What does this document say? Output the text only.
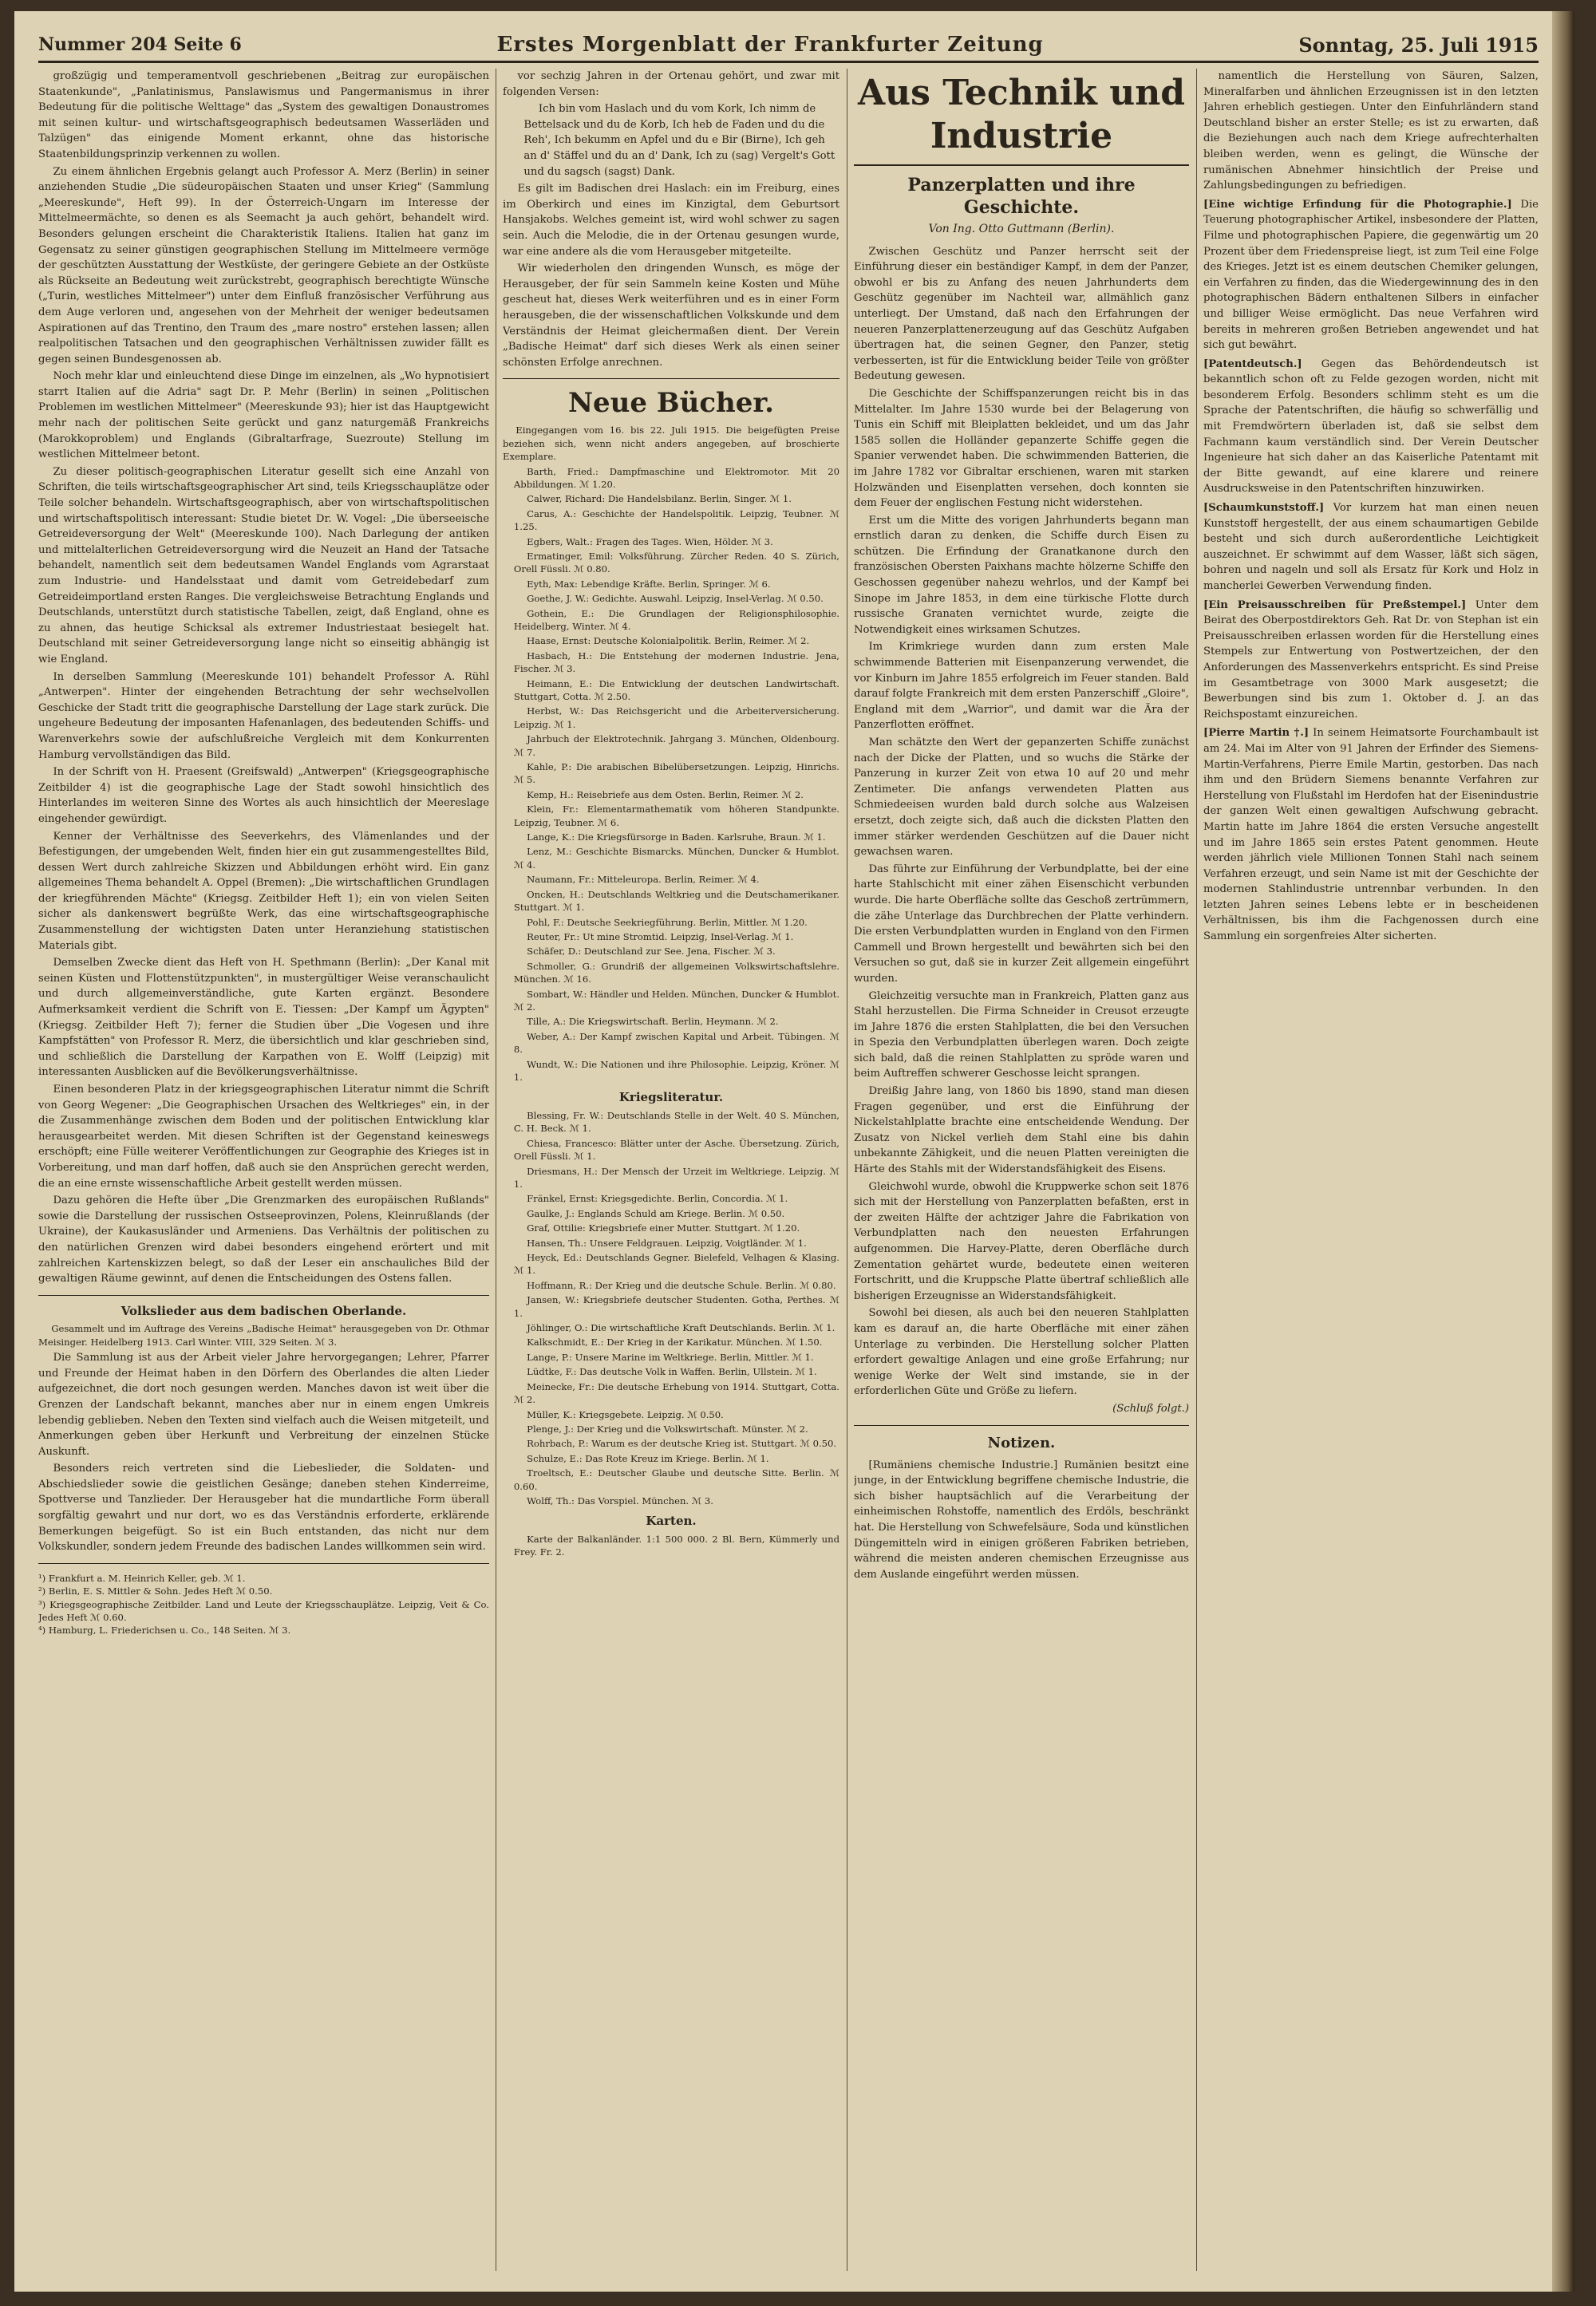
Nummer 204 Seite 6	Erstes Morgenblatt der Frankfurter Zeitung	Sonntag, 25. Juli 1915

großzügig und temperamentvoll geschriebenen „Beitrag zur europäischen Staatenkunde", „Panlatinismus, Panslawismus und Pangermanismus in ihrer Bedeutung für die politische Welttage" das „System des gewaltigen Donaustromes mit seinen kultur- und wirtschaftsgeographisch bedeutsamen Wasserläden und Talzügen" das einigende Moment erkannt, ohne das historische Staatenbildungsprinzip verkennen zu wollen.

Zu einem ähnlichen Ergebnis gelangt auch Professor A. Merz (Berlin) in seiner anziehenden Studie „Die südeuropäischen Staaten und unser Krieg" (Sammlung „Meereskunde", Heft 99). In der Österreich-Ungarn im Interesse der Mittelmeermächte, so denen es als Seemacht ja auch gehört, behandelt wird. Besonders gelungen erscheint die Charakteristik Italiens. Italien hat ganz im Gegensatz zu seiner günstigen geographischen Stellung im Mittelmeere vermöge der geschützten Ausstattung der Westküste, der geringere Gebiete an der Ostküste als Rückseite an Bedeutung weit zurückstrebt, geographisch berechtigte Wünsche („Turin, westliches Mittelmeer") unter dem Einfluß französischer Verführung aus dem Auge verloren und, angesehen von der Mehrheit der weniger bedeutsamen Aspirationen auf das Trentino, den Traum des „mare nostro" erstehen lassen; allen realpolitischen Tatsachen und den geographischen Verhältnissen zuwider fällt es gegen seinen Bundesgenossen ab.

Noch mehr klar und einleuchtend diese Dinge im einzelnen, als „Wo hypnotisiert starrt Italien auf die Adria" sagt Dr. P. Mehr (Berlin) in seinen „Politischen Problemen im westlichen Mittelmeer" (Meereskunde 93); hier ist das Hauptgewicht mehr nach der politischen Seite gerückt und ganz naturgemäß Frankreichs (Marokkoproblem) und Englands (Gibraltarfrage, Suezroute) Stellung im westlichen Mittelmeer betont.

Zu dieser politisch-geographischen Literatur gesellt sich eine Anzahl von Schriften, die teils wirtschaftsgeographischer Art sind, teils Kriegsschauplätze oder Teile solcher behandeln. Wirtschaftsgeographisch, aber von wirtschaftspolitischen und wirtschaftspolitisch interessant: Studie bietet Dr. W. Vogel: „Die überseeische Getreideversorgung der Welt" (Meereskunde 100). Nach Darlegung der antiken und mittelalterlichen Getreideversorgung wird die Neuzeit an Hand der Tatsache behandelt, namentlich seit dem bedeutsamen Wandel Englands vom Agrarstaat zum Industrie- und Handelsstaat und damit vom Getreidebedarf zum Getreideimportland ersten Ranges. Die vergleichsweise Betrachtung Englands und Deutschlands, unterstützt durch statistische Tabellen, zeigt, daß England, ohne es zu ahnen, das heutige Schicksal als extremer Industriestaat besiegelt hat. Deutschland mit seiner Getreideversorgung lange nicht so einseitig abhängig ist wie England.

In derselben Sammlung (Meereskunde 101) behandelt Professor A. Rühl „Antwerpen". Hinter der eingehenden Betrachtung der sehr wechselvollen Geschicke der Stadt tritt die geographische Darstellung der Lage stark zurück. Die ungeheure Bedeutung der imposanten Hafenanlagen, des bedeutenden Schiffs- und Warenverkehrs sowie der aufschlußreiche Vergleich mit dem Konkurrenten Hamburg vervollständigen das Bild.

In der Schrift von H. Praesent (Greifswald) „Antwerpen" (Kriegsgeographische Zeitbilder 4) ist die geographische Lage der Stadt sowohl hinsichtlich des Hinterlandes im weiteren Sinne des Wortes als auch hinsichtlich der Meereslage eingehender gewürdigt.

Kenner der Verhältnisse des Seeverkehrs, des Vlämenlandes und der Befestigungen, der umgebenden Welt, finden hier ein gut zusammengestelltes Bild, dessen Wert durch zahlreiche Skizzen und Abbildungen erhöht wird. Ein ganz allgemeines Thema behandelt A. Oppel (Bremen): „Die wirtschaftlichen Grundlagen der kriegführenden Mächte" (Kriegsg. Zeitbilder Heft 1); ein von vielen Seiten sicher als dankenswert begrüßte Werk, das eine wirtschaftsgeographische Zusammenstellung der wichtigsten Daten unter Heranziehung statistischen Materials gibt.

Demselben Zwecke dient das Heft von H. Spethmann (Berlin): „Der Kanal mit seinen Küsten und Flottenstützpunkten", in mustergültiger Weise veranschaulicht und durch allgemeinverständliche, gute Karten ergänzt. Besondere Aufmerksamkeit verdient die Schrift von E. Tiessen: „Der Kampf um Ägypten" (Kriegsg. Zeitbilder Heft 7); ferner die Studien über „Die Vogesen und ihre Kampfstätten" von Professor R. Merz, die übersichtlich und klar geschrieben sind, und schließlich die Darstellung der Karpathen von E. Wolff (Leipzig) mit interessanten Ausblicken auf die Bevölkerungsverhältnisse.

Einen besonderen Platz in der kriegsgeographischen Literatur nimmt die Schrift von Georg Wegener: „Die Geographischen Ursachen des Weltkrieges" ein, in der die Zusammenhänge zwischen dem Boden und der politischen Entwicklung klar herausgearbeitet werden. Mit diesen Schriften ist der Gegenstand keineswegs erschöpft; eine Fülle weiterer Veröffentlichungen zur Geographie des Krieges ist in Vorbereitung, und man darf hoffen, daß auch sie den Ansprüchen gerecht werden, die an eine ernste wissenschaftliche Arbeit gestellt werden müssen.

Dazu gehören die Hefte über „Die Grenzmarken des europäischen Rußlands" sowie die Darstellung der russischen Ostseeprovinzen, Polens, Kleinrußlands (der Ukraine), der Kaukasusländer und Armeniens. Das Verhältnis der politischen zu den natürlichen Grenzen wird dabei besonders eingehend erörtert und mit zahlreichen Kartenskizzen belegt, so daß der Leser ein anschauliches Bild der gewaltigen Räume gewinnt, auf denen die Entscheidungen des Ostens fallen.

Volkslieder aus dem badischen Oberlande.

Gesammelt und im Auftrage des Vereins „Badische Heimat" herausgegeben von Dr. Othmar Meisinger. Heidelberg 1913. Carl Winter. VIII, 329 Seiten. ℳ 3.

Die Sammlung ist aus der Arbeit vieler Jahre hervorgegangen; Lehrer, Pfarrer und Freunde der Heimat haben in den Dörfern des Oberlandes die alten Lieder aufgezeichnet, die dort noch gesungen werden. Manches davon ist weit über die Grenzen der Landschaft bekannt, manches aber nur in einem engen Umkreis lebendig geblieben. Neben den Texten sind vielfach auch die Weisen mitgeteilt, und Anmerkungen geben über Herkunft und Verbreitung der einzelnen Stücke Auskunft.

Besonders reich vertreten sind die Liebeslieder, die Soldaten- und Abschiedslieder sowie die geistlichen Gesänge; daneben stehen Kinderreime, Spottverse und Tanzlieder. Der Herausgeber hat die mundartliche Form überall sorgfältig gewahrt und nur dort, wo es das Verständnis erforderte, erklärende Bemerkungen beigefügt. So ist ein Buch entstanden, das nicht nur dem Volkskundler, sondern jedem Freunde des badischen Landes willkommen sein wird.

¹) Frankfurt a. M. Heinrich Keller, geb. ℳ 1.
²) Berlin, E. S. Mittler & Sohn. Jedes Heft ℳ 0.50.
³) Kriegsgeographische Zeitbilder. Land und Leute der Kriegsschauplätze. Leipzig, Veit & Co. Jedes Heft ℳ 0.60.
⁴) Hamburg, L. Friederichsen u. Co., 148 Seiten. ℳ 3.

vor sechzig Jahren in der Ortenau gehört, und zwar mit folgenden Versen:

Ich bin vom Haslach und du vom Kork, Ich nimm de Bettelsack und du de Korb, Ich heb de Faden und du die Reh', Ich bekumm en Apfel und du e Bir (Birne), Ich geh an d' Stäffel und du an d' Dank, Ich zu (sag) Vergelt's Gott und du sagsch (sagst) Dank.

Es gilt im Badischen drei Haslach: ein im Freiburg, eines im Oberkirch und eines im Kinzigtal, dem Geburtsort Hansjakobs. Welches gemeint ist, wird wohl schwer zu sagen sein. Auch die Melodie, die in der Ortenau gesungen wurde, war eine andere als die vom Herausgeber mitgeteilte.

Wir wiederholen den dringenden Wunsch, es möge der Herausgeber, der für sein Sammeln keine Kosten und Mühe gescheut hat, dieses Werk weiterführen und es in einer Form herausgeben, die der wissenschaftlichen Volkskunde und dem Verständnis der Heimat gleichermaßen dient. Der Verein „Badische Heimat" darf sich dieses Werk als einen seiner schönsten Erfolge anrechnen.

Neue Bücher.

Eingegangen vom 16. bis 22. Juli 1915. Die beigefügten Preise beziehen sich, wenn nicht anders angegeben, auf broschierte Exemplare.

Barth, Fried.: Dampfmaschine und Elektromotor. Mit 20 Abbildungen. ℳ 1.20.

Calwer, Richard: Die Handelsbilanz. Berlin, Singer. ℳ 1.

Carus, A.: Geschichte der Handelspolitik. Leipzig, Teubner. ℳ 1.25.

Egbers, Walt.: Fragen des Tages. Wien, Hölder. ℳ 3.

Ermatinger, Emil: Volksführung. Zürcher Reden. 40 S. Zürich, Orell Füssli. ℳ 0.80.

Eyth, Max: Lebendige Kräfte. Berlin, Springer. ℳ 6.

Goethe, J. W.: Gedichte. Auswahl. Leipzig, Insel-Verlag. ℳ 0.50.

Gothein, E.: Die Grundlagen der Religionsphilosophie. Heidelberg, Winter. ℳ 4.

Haase, Ernst: Deutsche Kolonialpolitik. Berlin, Reimer. ℳ 2.

Hasbach, H.: Die Entstehung der modernen Industrie. Jena, Fischer. ℳ 3.

Heimann, E.: Die Entwicklung der deutschen Landwirtschaft. Stuttgart, Cotta. ℳ 2.50.

Herbst, W.: Das Reichsgericht und die Arbeiterversicherung. Leipzig. ℳ 1.

Jahrbuch der Elektrotechnik. Jahrgang 3. München, Oldenbourg. ℳ 7.

Kahle, P.: Die arabischen Bibelübersetzungen. Leipzig, Hinrichs. ℳ 5.

Kemp, H.: Reisebriefe aus dem Osten. Berlin, Reimer. ℳ 2.

Klein, Fr.: Elementarmathematik vom höheren Standpunkte. Leipzig, Teubner. ℳ 6.

Lange, K.: Die Kriegsfürsorge in Baden. Karlsruhe, Braun. ℳ 1.

Lenz, M.: Geschichte Bismarcks. München, Duncker & Humblot. ℳ 4.

Naumann, Fr.: Mitteleuropa. Berlin, Reimer. ℳ 4.

Oncken, H.: Deutschlands Weltkrieg und die Deutschamerikaner. Stuttgart. ℳ 1.

Pohl, F.: Deutsche Seekriegführung. Berlin, Mittler. ℳ 1.20.

Reuter, Fr.: Ut mine Stromtid. Leipzig, Insel-Verlag. ℳ 1.

Schäfer, D.: Deutschland zur See. Jena, Fischer. ℳ 3.

Schmoller, G.: Grundriß der allgemeinen Volkswirtschaftslehre. München. ℳ 16.

Sombart, W.: Händler und Helden. München, Duncker & Humblot. ℳ 2.

Tille, A.: Die Kriegswirtschaft. Berlin, Heymann. ℳ 2.

Weber, A.: Der Kampf zwischen Kapital und Arbeit. Tübingen. ℳ 8.

Wundt, W.: Die Nationen und ihre Philosophie. Leipzig, Kröner. ℳ 1.

Kriegsliteratur.

Blessing, Fr. W.: Deutschlands Stelle in der Welt. 40 S. München, C. H. Beck. ℳ 1.

Chiesa, Francesco: Blätter unter der Asche. Übersetzung. Zürich, Orell Füssli. ℳ 1.

Driesmans, H.: Der Mensch der Urzeit im Weltkriege. Leipzig. ℳ 1.

Fränkel, Ernst: Kriegsgedichte. Berlin, Concordia. ℳ 1.

Gaulke, J.: Englands Schuld am Kriege. Berlin. ℳ 0.50.

Graf, Ottilie: Kriegsbriefe einer Mutter. Stuttgart. ℳ 1.20.

Hansen, Th.: Unsere Feldgrauen. Leipzig, Voigtländer. ℳ 1.

Heyck, Ed.: Deutschlands Gegner. Bielefeld, Velhagen & Klasing. ℳ 1.

Hoffmann, R.: Der Krieg und die deutsche Schule. Berlin. ℳ 0.80.

Jansen, W.: Kriegsbriefe deutscher Studenten. Gotha, Perthes. ℳ 1.

Jöhlinger, O.: Die wirtschaftliche Kraft Deutschlands. Berlin. ℳ 1.

Kalkschmidt, E.: Der Krieg in der Karikatur. München. ℳ 1.50.

Lange, P.: Unsere Marine im Weltkriege. Berlin, Mittler. ℳ 1.

Lüdtke, F.: Das deutsche Volk in Waffen. Berlin, Ullstein. ℳ 1.

Meinecke, Fr.: Die deutsche Erhebung von 1914. Stuttgart, Cotta. ℳ 2.

Müller, K.: Kriegsgebete. Leipzig. ℳ 0.50.

Plenge, J.: Der Krieg und die Volkswirtschaft. Münster. ℳ 2.

Rohrbach, P.: Warum es der deutsche Krieg ist. Stuttgart. ℳ 0.50.

Schulze, E.: Das Rote Kreuz im Kriege. Berlin. ℳ 1.

Troeltsch, E.: Deutscher Glaube und deutsche Sitte. Berlin. ℳ 0.60.

Wolff, Th.: Das Vorspiel. München. ℳ 3.

Karten.

Karte der Balkanländer. 1:1 500 000. 2 Bl. Bern, Kümmerly und Frey. Fr. 2.

Aus Technik und Industrie
Panzerplatten und ihre Geschichte.
Von Ing. Otto Guttmann (Berlin).

Zwischen Geschütz und Panzer herrscht seit der Einführung dieser ein beständiger Kampf, in dem der Panzer, obwohl er bis zu Anfang des neuen Jahrhunderts dem Geschütz gegenüber im Nachteil war, allmählich ganz unterliegt. Der Umstand, daß nach den Erfahrungen der neueren Panzerplattenerzeugung auf das Geschütz Aufgaben übertragen hat, die seinen Gegner, den Panzer, stetig verbesserten, ist für die Entwicklung beider Teile von größter Bedeutung gewesen.

Die Geschichte der Schiffspanzerungen reicht bis in das Mittelalter. Im Jahre 1530 wurde bei der Belagerung von Tunis ein Schiff mit Bleiplatten bekleidet, und um das Jahr 1585 sollen die Holländer gepanzerte Schiffe gegen die Spanier verwendet haben. Die schwimmenden Batterien, die im Jahre 1782 vor Gibraltar erschienen, waren mit starken Holzwänden und Eisenplatten versehen, doch konnten sie dem Feuer der englischen Festung nicht widerstehen.

Erst um die Mitte des vorigen Jahrhunderts begann man ernstlich daran zu denken, die Schiffe durch Eisen zu schützen. Die Erfindung der Granatkanone durch den französischen Obersten Paixhans machte hölzerne Schiffe den Geschossen gegenüber nahezu wehrlos, und der Kampf bei Sinope im Jahre 1853, in dem eine türkische Flotte durch russische Granaten vernichtet wurde, zeigte die Notwendigkeit eines wirksamen Schutzes.

Im Krimkriege wurden dann zum ersten Male schwimmende Batterien mit Eisenpanzerung verwendet, die vor Kinburn im Jahre 1855 erfolgreich im Feuer standen. Bald darauf folgte Frankreich mit dem ersten Panzerschiff „Gloire", England mit dem „Warrior", und damit war die Ära der Panzerflotten eröffnet.

Man schätzte den Wert der gepanzerten Schiffe zunächst nach der Dicke der Platten, und so wuchs die Stärke der Panzerung in kurzer Zeit von etwa 10 auf 20 und mehr Zentimeter. Die anfangs verwendeten Platten aus Schmiedeeisen wurden bald durch solche aus Walzeisen ersetzt, doch zeigte sich, daß auch die dicksten Platten den immer stärker werdenden Geschützen auf die Dauer nicht gewachsen waren.

Das führte zur Einführung der Verbundplatte, bei der eine harte Stahlschicht mit einer zähen Eisenschicht verbunden wurde. Die harte Oberfläche sollte das Geschoß zertrümmern, die zähe Unterlage das Durchbrechen der Platte verhindern. Die ersten Verbundplatten wurden in England von den Firmen Cammell und Brown hergestellt und bewährten sich bei den Versuchen so gut, daß sie in kurzer Zeit allgemein eingeführt wurden.

Gleichzeitig versuchte man in Frankreich, Platten ganz aus Stahl herzustellen. Die Firma Schneider in Creusot erzeugte im Jahre 1876 die ersten Stahlplatten, die bei den Versuchen in Spezia den Verbundplatten überlegen waren. Doch zeigte sich bald, daß die reinen Stahlplatten zu spröde waren und beim Auftreffen schwerer Geschosse leicht sprangen.

Dreißig Jahre lang, von 1860 bis 1890, stand man diesen Fragen gegenüber, und erst die Einführung der Nickelstahlplatte brachte eine entscheidende Wendung. Der Zusatz von Nickel verlieh dem Stahl eine bis dahin unbekannte Zähigkeit, und die neuen Platten vereinigten die Härte des Stahls mit der Widerstandsfähigkeit des Eisens.

Gleichwohl wurde, obwohl die Kruppwerke schon seit 1876 sich mit der Herstellung von Panzerplatten befaßten, erst in der zweiten Hälfte der achtziger Jahre die Fabrikation von Verbundplatten nach den neuesten Erfahrungen aufgenommen. Die Harvey-Platte, deren Oberfläche durch Zementation gehärtet wurde, bedeutete einen weiteren Fortschritt, und die Kruppsche Platte übertraf schließlich alle bisherigen Erzeugnisse an Widerstandsfähigkeit.

Sowohl bei diesen, als auch bei den neueren Stahlplatten kam es darauf an, die harte Oberfläche mit einer zähen Unterlage zu verbinden. Die Herstellung solcher Platten erfordert gewaltige Anlagen und eine große Erfahrung; nur wenige Werke der Welt sind imstande, sie in der erforderlichen Güte und Größe zu liefern.

(Schluß folgt.)
Notizen.

[Rumäniens chemische Industrie.] Rumänien besitzt eine junge, in der Entwicklung begriffene chemische Industrie, die sich bisher hauptsächlich auf die Verarbeitung der einheimischen Rohstoffe, namentlich des Erdöls, beschränkt hat. Die Herstellung von Schwefelsäure, Soda und künstlichen Düngemitteln wird in einigen größeren Fabriken betrieben, während die meisten anderen chemischen Erzeugnisse aus dem Auslande eingeführt werden müssen.

namentlich die Herstellung von Säuren, Salzen, Mineralfarben und ähnlichen Erzeugnissen ist in den letzten Jahren erheblich gestiegen. Unter den Einfuhrländern stand Deutschland bisher an erster Stelle; es ist zu erwarten, daß die Beziehungen auch nach dem Kriege aufrechterhalten bleiben werden, wenn es gelingt, die Wünsche der rumänischen Abnehmer hinsichtlich der Preise und Zahlungsbedingungen zu befriedigen.

[Eine wichtige Erfindung für die Photographie.] Die Teuerung photographischer Artikel, insbesondere der Platten, Filme und photographischen Papiere, die gegenwärtig um 20 Prozent über dem Friedenspreise liegt, ist zum Teil eine Folge des Krieges. Jetzt ist es einem deutschen Chemiker gelungen, ein Verfahren zu finden, das die Wiedergewinnung des in den photographischen Bädern enthaltenen Silbers in einfacher und billiger Weise ermöglicht. Das neue Verfahren wird bereits in mehreren großen Betrieben angewendet und hat sich gut bewährt.
[Patentdeutsch.] Gegen das Behördendeutsch ist bekanntlich schon oft zu Felde gezogen worden, nicht mit besonderem Erfolg. Besonders schlimm steht es um die Sprache der Patentschriften, die häufig so schwerfällig und mit Fremdwörtern überladen ist, daß sie selbst dem Fachmann kaum verständlich sind. Der Verein Deutscher Ingenieure hat sich daher an das Kaiserliche Patentamt mit der Bitte gewandt, auf eine klarere und reinere Ausdrucksweise in den Patentschriften hinzuwirken.
[Schaumkunststoff.] Vor kurzem hat man einen neuen Kunststoff hergestellt, der aus einem schaumartigen Gebilde besteht und sich durch außerordentliche Leichtigkeit auszeichnet. Er schwimmt auf dem Wasser, läßt sich sägen, bohren und nageln und soll als Ersatz für Kork und Holz in mancherlei Gewerben Verwendung finden.
[Ein Preisausschreiben für Preßstempel.] Unter dem Beirat des Oberpostdirektors Geh. Rat Dr. von Stephan ist ein Preisausschreiben erlassen worden für die Herstellung eines Stempels zur Entwertung von Postwertzeichen, der den Anforderungen des Massenverkehrs entspricht. Es sind Preise im Gesamtbetrage von 3000 Mark ausgesetzt; die Bewerbungen sind bis zum 1. Oktober d. J. an das Reichspostamt einzureichen.
[Pierre Martin †.] In seinem Heimatsorte Fourchambault ist am 24. Mai im Alter von 91 Jahren der Erfinder des Siemens-Martin-Verfahrens, Pierre Emile Martin, gestorben. Das nach ihm und den Brüdern Siemens benannte Verfahren zur Herstellung von Flußstahl im Herdofen hat der Eisenindustrie der ganzen Welt einen gewaltigen Aufschwung gebracht. Martin hatte im Jahre 1864 die ersten Versuche angestellt und im Jahre 1865 sein erstes Patent genommen. Heute werden jährlich viele Millionen Tonnen Stahl nach seinem Verfahren erzeugt, und sein Name ist mit der Geschichte der modernen Stahlindustrie untrennbar verbunden. In den letzten Jahren seines Lebens lebte er in bescheidenen Verhältnissen, bis ihm die Fachgenossen durch eine Sammlung ein sorgenfreies Alter sicherten.
